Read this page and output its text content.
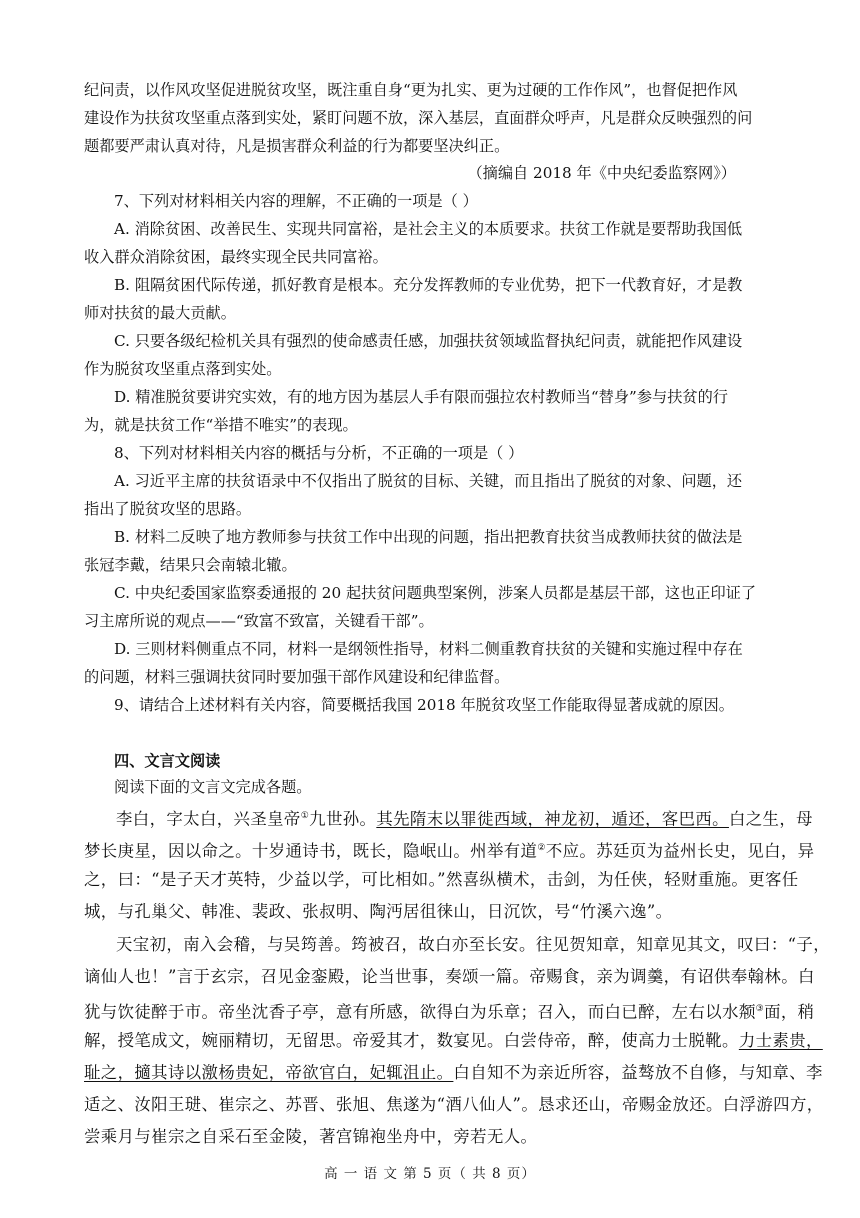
纪问责，以作风攻坚促进脱贫攻坚，既注重自身“更为扎实、更为过硬的工作作风”，也督促把作风

建设作为扶贫攻坚重点落到实处，紧盯问题不放，深入基层，直面群众呼声，凡是群众反映强烈的问

题都要严肃认真对待，凡是损害群众利益的行为都要坚决纠正。

（摘编自 2018 年《中央纪委监察网》）

7、下列对材料相关内容的理解，不正确的一项是（ ）

A. 消除贫困、改善民生、实现共同富裕，是社会主义的本质要求。扶贫工作就是要帮助我国低

收入群众消除贫困，最终实现全民共同富裕。

B. 阻隔贫困代际传递，抓好教育是根本。充分发挥教师的专业优势，把下一代教育好，才是教

师对扶贫的最大贡献。

C. 只要各级纪检机关具有强烈的使命感责任感，加强扶贫领域监督执纪问责，就能把作风建设

作为脱贫攻坚重点落到实处。

D. 精准脱贫要讲究实效，有的地方因为基层人手有限而强拉农村教师当“替身”参与扶贫的行

为，就是扶贫工作“举措不唯实”的表现。

8、下列对材料相关内容的概括与分析，不正确的一项是（ ）

A. 习近平主席的扶贫语录中不仅指出了脱贫的目标、关键，而且指出了脱贫的对象、问题，还

指出了脱贫攻坚的思路。

B. 材料二反映了地方教师参与扶贫工作中出现的问题，指出把教育扶贫当成教师扶贫的做法是

张冠李戴，结果只会南辕北辙。

C. 中央纪委国家监察委通报的 20 起扶贫问题典型案例，涉案人员都是基层干部，这也正印证了

习主席所说的观点——“致富不致富，关键看干部”。

D. 三则材料侧重点不同，材料一是纲领性指导，材料二侧重教育扶贫的关键和实施过程中存在

的问题，材料三强调扶贫同时要加强干部作风建设和纪律监督。

9、请结合上述材料有关内容，简要概括我国 2018 年脱贫攻坚工作能取得显著成就的原因。

四、文言文阅读

阅读下面的文言文完成各题。

李白，字太白，兴圣皇帝①九世孙。其先隋末以罪徙西域，神龙初，遁还，客巴西。白之生，母

梦长庚星，因以命之。十岁通诗书，既长，隐岷山。州举有道②不应。苏廷页为益州长史，见白，异

之，曰：“是子天才英特，少益以学，可比相如。”然喜纵横术，击剑，为任侠，轻财重施。更客任

城，与孔巢父、韩准、裴政、张叔明、陶沔居徂徕山，日沉饮，号“竹溪六逸”。

天宝初，南入会稽，与吴筠善。筠被召，故白亦至长安。往见贺知章，知章见其文，叹曰：“子，

谪仙人也！”言于玄宗，召见金銮殿，论当世事，奏颂一篇。帝赐食，亲为调羹，有诏供奉翰林。白

犹与饮徒醉于市。帝坐沈香子亭，意有所感，欲得白为乐章；召入，而白已醉，左右以水颒③面，稍

解，授笔成文，婉丽精切，无留思。帝爱其才，数宴见。白尝侍帝，醉，使高力士脱靴。力士素贵，

耻之，擿其诗以激杨贵妃，帝欲官白，妃辄沮止。白自知不为亲近所容，益骜放不自修，与知章、李

适之、汝阳王琎、崔宗之、苏晋、张旭、焦遂为“酒八仙人”。恳求还山，帝赐金放还。白浮游四方，

尝乘月与崔宗之自采石至金陵，著宫锦袍坐舟中，旁若无人。

高 一 语 文 第 5 页（ 共 8 页）
